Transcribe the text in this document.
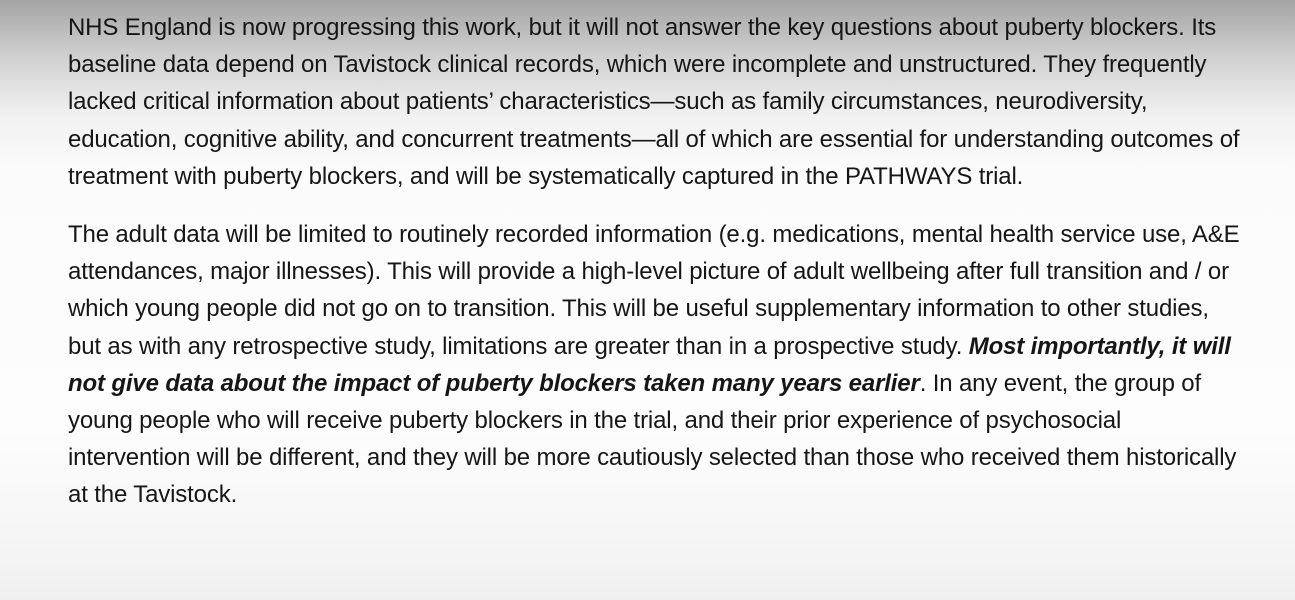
NHS England is now progressing this work, but it will not answer the key questions about puberty blockers. Its baseline data depend on Tavistock clinical records, which were incomplete and unstructured. They frequently lacked critical information about patients’ characteristics—such as family circumstances, neurodiversity, education, cognitive ability, and concurrent treatments—all of which are essential for understanding outcomes of treatment with puberty blockers, and will be systematically captured in the PATHWAYS trial.

The adult data will be limited to routinely recorded information (e.g. medications, mental health service use, A&E attendances, major illnesses). This will provide a high-level picture of adult wellbeing after full transition and / or which young people did not go on to transition. This will be useful supplementary information to other studies, but as with any retrospective study, limitations are greater than in a prospective study. Most importantly, it will not give data about the impact of puberty blockers taken many years earlier. In any event, the group of young people who will receive puberty blockers in the trial, and their prior experience of psychosocial intervention will be different, and they will be more cautiously selected than those who received them historically at the Tavistock.
